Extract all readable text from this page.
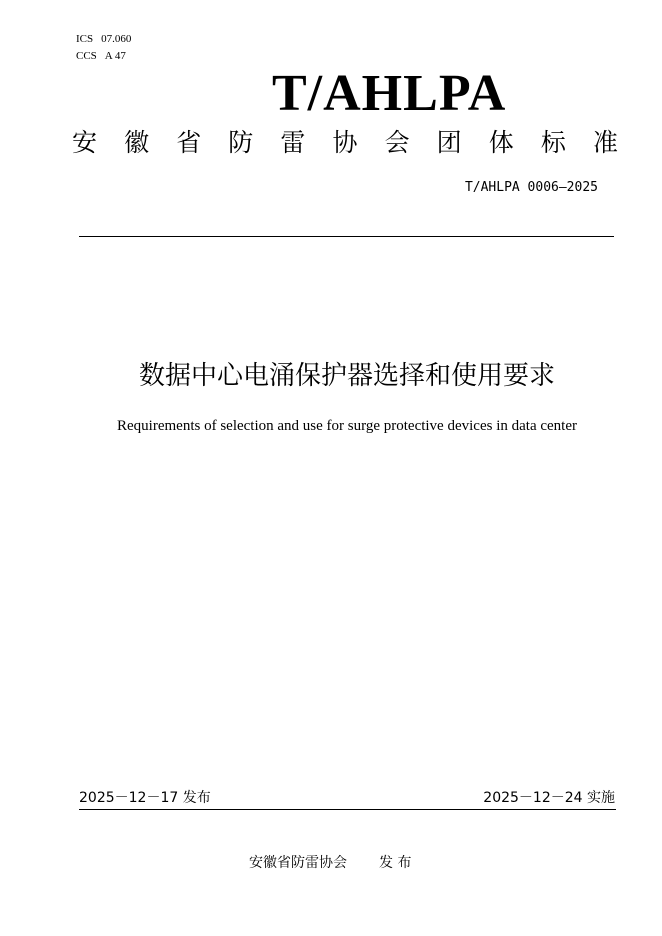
ICS 07.060
CCS A 47
T/AHLPA
安 徽 省 防 雷 协 会 团 体 标 准
T/AHLPA 0006—2025
数据中心电涌保护器选择和使用要求
Requirements of selection and use for surge protective devices in data center
2025－12－17 发布	2025－12－24 实施
安徽省防雷协会 发 布
